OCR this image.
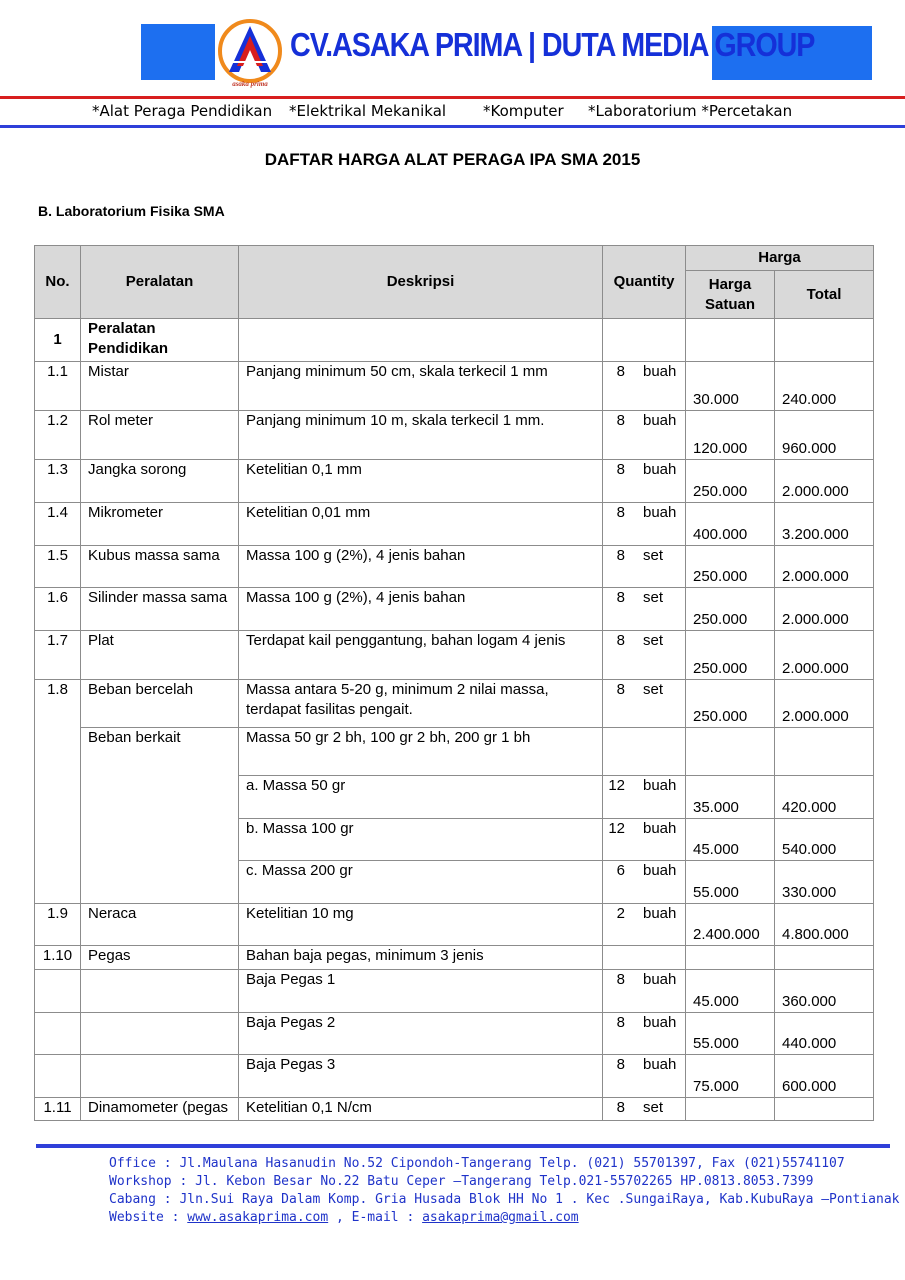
asaka prima
CV.ASAKA PRIMA | DUTA MEDIA GROUP
*Alat Peraga Pendidikan *Elektrikal Mekanikal *Komputer *Laboratorium *Percetakan
DAFTAR HARGA ALAT PERAGA IPA SMA 2015
B. Laboratorium Fisika SMA
No.	Peralatan	Deskripsi	Quantity	Harga	
				Harga Satuan	Total
1	Peralatan Pendidikan				
1.1	Mistar	Panjang minimum 50 cm, skala terkecil 1 mm	8 buah	30.000	240.000
1.2	Rol meter	Panjang minimum 10 m, skala terkecil 1 mm.	8 buah	120.000	960.000
1.3	Jangka sorong	Ketelitian 0,1 mm	8 buah	250.000	2.000.000
1.4	Mikrometer	Ketelitian 0,01 mm	8 buah	400.000	3.200.000
1.5	Kubus massa sama	Massa 100 g (2%), 4 jenis bahan	8 set	250.000	2.000.000
1.6	Silinder massa sama	Massa 100 g (2%), 4 jenis bahan	8 set	250.000	2.000.000
1.7	Plat	Terdapat kail penggantung, bahan logam 4 jenis	8 set	250.000	2.000.000
1.8	Beban bercelah	Massa antara 5-20 g, minimum 2 nilai massa, terdapat fasilitas pengait.	8 set	250.000	2.000.000
	Beban berkait	Massa 50 gr 2 bh, 100 gr 2 bh, 200 gr 1 bh			
		a. Massa 50 gr	12 buah	35.000	420.000
		b. Massa 100 gr	12 buah	45.000	540.000
		c. Massa 200 gr	6 buah	55.000	330.000
1.9	Neraca	Ketelitian 10 mg	2 buah	2.400.000	4.800.000
1.10	Pegas	Bahan baja pegas, minimum 3 jenis			
		Baja Pegas 1	8 buah	45.000	360.000
		Baja Pegas 2	8 buah	55.000	440.000
		Baja Pegas 3	8 buah	75.000	600.000
1.11	Dinamometer (pegas	Ketelitian 0,1 N/cm	8 set		
Office : Jl.Maulana Hasanudin No.52 Cipondoh-Tangerang Telp. (021) 55701397, Fax (021)55741107
Workshop : Jl. Kebon Besar No.22 Batu Ceper –Tangerang Telp.021-55702265 HP.0813.8053.7399
Cabang : Jln.Sui Raya Dalam Komp. Gria Husada Blok HH No 1 . Kec .SungaiRaya, Kab.KubuRaya –Pontianak
Website : www.asakaprima.com , E-mail : asakaprima@gmail.com
